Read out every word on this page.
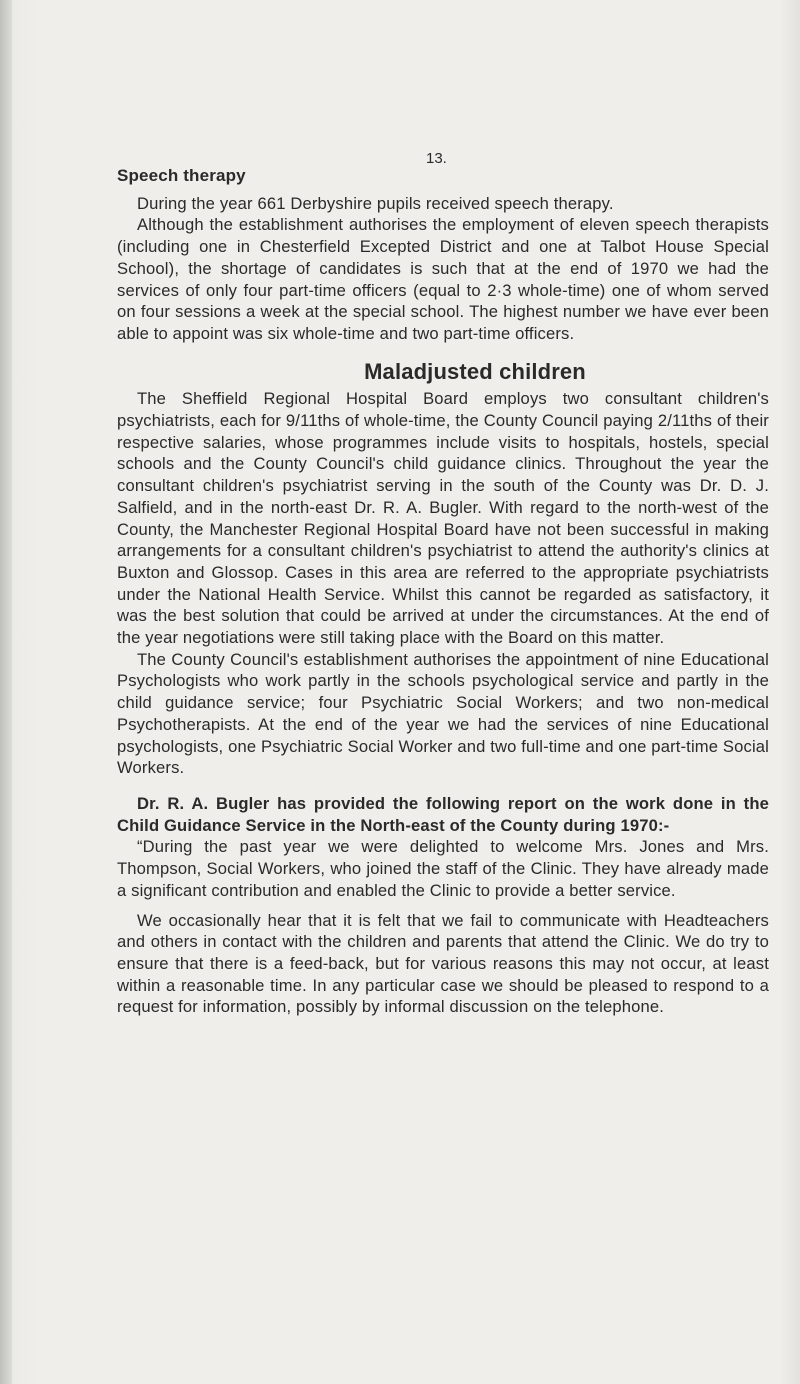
13.

Speech therapy

During the year 661 Derbyshire pupils received speech therapy.

Although the establishment authorises the employment of eleven speech therapists (including one in Chesterfield Excepted District and one at Talbot House Special School), the shortage of candidates is such that at the end of 1970 we had the services of only four part-time officers (equal to 2·3 whole-time) one of whom served on four sessions a week at the special school. The highest number we have ever been able to appoint was six whole-time and two part-time officers.

Maladjusted children

The Sheffield Regional Hospital Board employs two consultant children's psychiatrists, each for 9/11ths of whole-time, the County Council paying 2/11ths of their respective salaries, whose programmes include visits to hospitals, hostels, special schools and the County Council's child guidance clinics. Throughout the year the consultant children's psychiatrist serving in the south of the County was Dr. D. J. Salfield, and in the north-east Dr. R. A. Bugler. With regard to the north-west of the County, the Manchester Regional Hospital Board have not been successful in making arrangements for a consultant children's psychiatrist to attend the authority's clinics at Buxton and Glossop. Cases in this area are referred to the appropriate psychiatrists under the National Health Service. Whilst this cannot be regarded as satisfactory, it was the best solution that could be arrived at under the circumstances. At the end of the year negotiations were still taking place with the Board on this matter.

The County Council's establishment authorises the appointment of nine Educational Psychologists who work partly in the schools psychological service and partly in the child guidance service; four Psychiatric Social Workers; and two non-medical Psychotherapists. At the end of the year we had the services of nine Educational psychologists, one Psychiatric Social Worker and two full-time and one part-time Social Workers.

Dr. R. A. Bugler has provided the following report on the work done in the Child Guidance Service in the North-east of the County during 1970:-

“During the past year we were delighted to welcome Mrs. Jones and Mrs. Thompson, Social Workers, who joined the staff of the Clinic. They have already made a significant contribution and enabled the Clinic to provide a better service.

We occasionally hear that it is felt that we fail to communicate with Headteachers and others in contact with the children and parents that attend the Clinic. We do try to ensure that there is a feed-back, but for various reasons this may not occur, at least within a reasonable time. In any particular case we should be pleased to respond to a request for information, possibly by informal discussion on the telephone.
